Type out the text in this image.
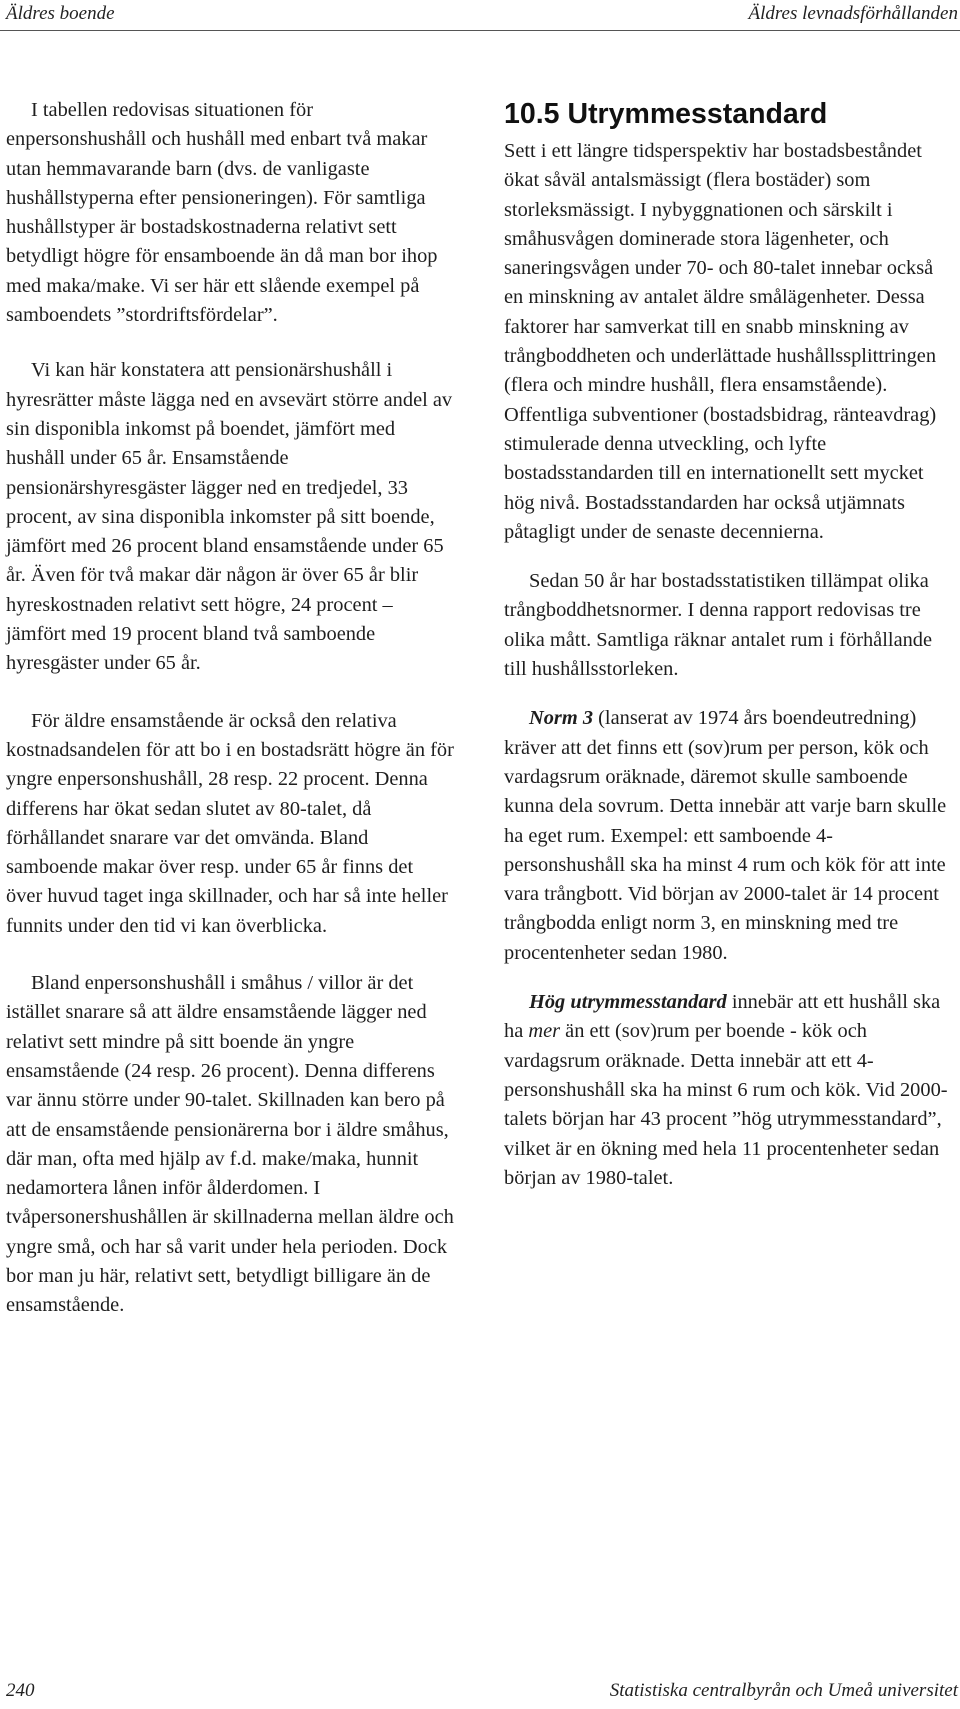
Äldres boende	Äldres levnadsförhållanden

I tabellen redovisas situationen för enpersonshushåll och hushåll med enbart två makar utan hemmavarande barn (dvs. de vanligaste hushållstyperna efter pensioneringen). För samtliga hushållstyper är bostadskostnaderna relativt sett betydligt högre för ensamboende än då man bor ihop med maka/make. Vi ser här ett slående exempel på samboendets ”stordriftsfördelar”.

Vi kan här konstatera att pensionärshushåll i hyresrätter måste lägga ned en avsevärt större andel av sin disponibla inkomst på boendet, jämfört med hushåll under 65 år. Ensamstående pensionärshyresgäster lägger ned en tredjedel, 33 procent, av sina disponibla inkomster på sitt boende, jämfört med 26 procent bland ensamstående under 65 år. Även för två makar där någon är över 65 år blir hyreskostnaden relativt sett högre, 24 procent – jämfört med 19 procent bland två samboende hyresgäster under 65 år.

För äldre ensamstående är också den relativa kostnadsandelen för att bo i en bostadsrätt högre än för yngre enpersonshushåll, 28 resp. 22 procent. Denna differens har ökat sedan slutet av 80-talet, då förhållandet snarare var det omvända. Bland samboende makar över resp. under 65 år finns det över huvud taget inga skillnader, och har så inte heller funnits under den tid vi kan överblicka.

Bland enpersonshushåll i småhus / villor är det istället snarare så att äldre ensamstående lägger ned relativt sett mindre på sitt boende än yngre ensamstående (24 resp. 26 procent). Denna differens var ännu större under 90-talet. Skillnaden kan bero på att de ensamstående pensionärerna bor i äldre småhus, där man, ofta med hjälp av f.d. make/maka, hunnit nedamortera lånen inför ålderdomen. I tvåpersonershushållen är skillnaderna mellan äldre och yngre små, och har så varit under hela perioden. Dock bor man ju här, relativt sett, betydligt billigare än de ensamstående.

10.5 Utrymmesstandard

Sett i ett längre tidsperspektiv har bostadsbeståndet ökat såväl antalsmässigt (flera bostäder) som storleksmässigt. I nybyggnationen och särskilt i småhusvågen dominerade stora lägenheter, och saneringsvågen under 70- och 80-talet innebar också en minskning av antalet äldre smålägenheter. Dessa faktorer har samverkat till en snabb minskning av trångboddheten och underlättade hushållssplittringen (flera och mindre hushåll, flera ensamstående). Offentliga subventioner (bostadsbidrag, ränteavdrag) stimulerade denna utveckling, och lyfte bostadsstandarden till en internationellt sett mycket hög nivå. Bostadsstandarden har också utjämnats påtagligt under de senaste decennierna.

Sedan 50 år har bostadsstatistiken tillämpat olika trångboddhetsnormer. I denna rapport redovisas tre olika mått. Samtliga räknar antalet rum i förhållande till hushållsstorleken.

Norm 3 (lanserat av 1974 års boendeutredning) kräver att det finns ett (sov)rum per person, kök och vardagsrum oräknade, däremot skulle samboende kunna dela sovrum. Detta innebär att varje barn skulle ha eget rum. Exempel: ett samboende 4-personshushåll ska ha minst 4 rum och kök för att inte vara trångbott. Vid början av 2000-talet är 14 procent trångbodda enligt norm 3, en minskning med tre procentenheter sedan 1980.

Hög utrymmesstandard innebär att ett hushåll ska ha mer än ett (sov)rum per boende - kök och vardagsrum oräknade. Detta innebär att ett 4-personshushåll ska ha minst 6 rum och kök. Vid 2000-talets början har 43 procent ”hög utrymmesstandard”, vilket är en ökning med hela 11 procentenheter sedan början av 1980-talet.

240	Statistiska centralbyrån och Umeå universitet
